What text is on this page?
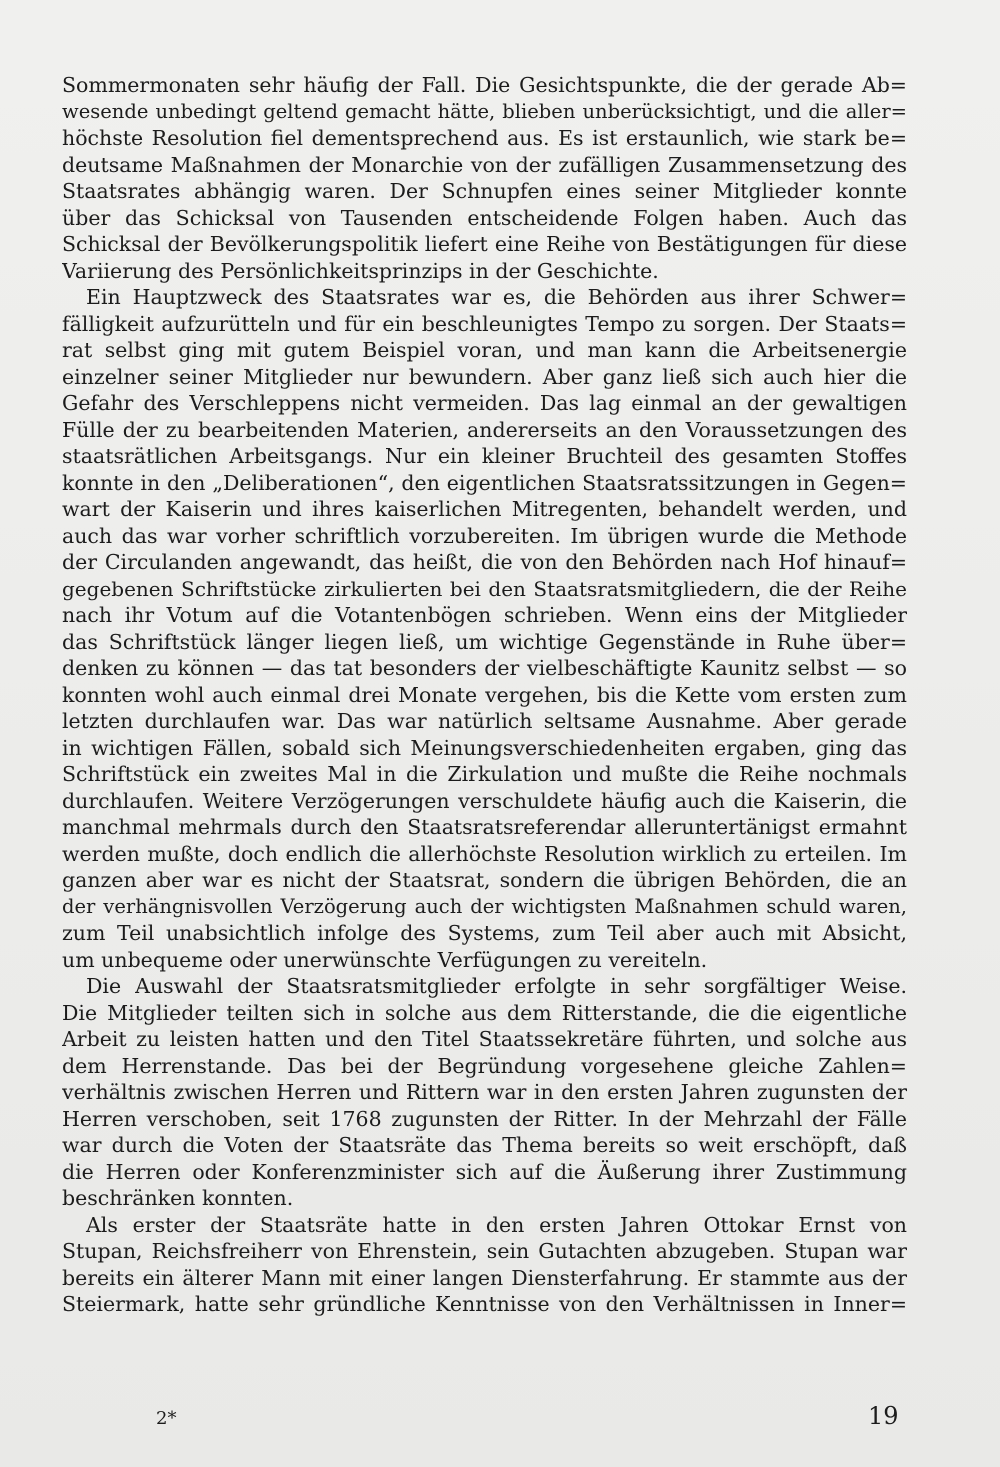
Sommermonaten sehr häufig der Fall. Die Gesichtspunkte, die der gerade Ab=
wesende unbedingt geltend gemacht hätte, blieben unberücksichtigt, und die aller=
höchste Resolution fiel dementsprechend aus. Es ist erstaunlich, wie stark be=
deutsame Maßnahmen der Monarchie von der zufälligen Zusammensetzung des
Staatsrates abhängig waren. Der Schnupfen eines seiner Mitglieder konnte
über das Schicksal von Tausenden entscheidende Folgen haben. Auch das
Schicksal der Bevölkerungspolitik liefert eine Reihe von Bestätigungen für diese
Variierung des Persönlichkeitsprinzips in der Geschichte.

Ein Hauptzweck des Staatsrates war es, die Behörden aus ihrer Schwer=
fälligkeit aufzurütteln und für ein beschleunigtes Tempo zu sorgen. Der Staats=
rat selbst ging mit gutem Beispiel voran, und man kann die Arbeitsenergie
einzelner seiner Mitglieder nur bewundern. Aber ganz ließ sich auch hier die
Gefahr des Verschleppens nicht vermeiden. Das lag einmal an der gewaltigen
Fülle der zu bearbeitenden Materien, andererseits an den Voraussetzungen des
staatsrätlichen Arbeitsgangs. Nur ein kleiner Bruchteil des gesamten Stoffes
konnte in den „Deliberationen“, den eigentlichen Staatsratssitzungen in Gegen=
wart der Kaiserin und ihres kaiserlichen Mitregenten, behandelt werden, und
auch das war vorher schriftlich vorzubereiten. Im übrigen wurde die Methode
der Circulanden angewandt, das heißt, die von den Behörden nach Hof hinauf=
gegebenen Schriftstücke zirkulierten bei den Staatsratsmitgliedern, die der Reihe
nach ihr Votum auf die Votantenbögen schrieben. Wenn eins der Mitglieder
das Schriftstück länger liegen ließ, um wichtige Gegenstände in Ruhe über=
denken zu können — das tat besonders der vielbeschäftigte Kaunitz selbst — so
konnten wohl auch einmal drei Monate vergehen, bis die Kette vom ersten zum
letzten durchlaufen war. Das war natürlich seltsame Ausnahme. Aber gerade
in wichtigen Fällen, sobald sich Meinungsverschiedenheiten ergaben, ging das
Schriftstück ein zweites Mal in die Zirkulation und mußte die Reihe nochmals
durchlaufen. Weitere Verzögerungen verschuldete häufig auch die Kaiserin, die
manchmal mehrmals durch den Staatsratsreferendar alleruntertänigst ermahnt
werden mußte, doch endlich die allerhöchste Resolution wirklich zu erteilen. Im
ganzen aber war es nicht der Staatsrat, sondern die übrigen Behörden, die an
der verhängnisvollen Verzögerung auch der wichtigsten Maßnahmen schuld waren,
zum Teil unabsichtlich infolge des Systems, zum Teil aber auch mit Absicht,
um unbequeme oder unerwünschte Verfügungen zu vereiteln.

Die Auswahl der Staatsratsmitglieder erfolgte in sehr sorgfältiger Weise.
Die Mitglieder teilten sich in solche aus dem Ritterstande, die die eigentliche
Arbeit zu leisten hatten und den Titel Staatssekretäre führten, und solche aus
dem Herrenstande. Das bei der Begründung vorgesehene gleiche Zahlen=
verhältnis zwischen Herren und Rittern war in den ersten Jahren zugunsten der
Herren verschoben, seit 1768 zugunsten der Ritter. In der Mehrzahl der Fälle
war durch die Voten der Staatsräte das Thema bereits so weit erschöpft, daß
die Herren oder Konferenzminister sich auf die Äußerung ihrer Zustimmung
beschränken konnten.

Als erster der Staatsräte hatte in den ersten Jahren Ottokar Ernst von
Stupan, Reichsfreiherr von Ehrenstein, sein Gutachten abzugeben. Stupan war
bereits ein älterer Mann mit einer langen Diensterfahrung. Er stammte aus der
Steiermark, hatte sehr gründliche Kenntnisse von den Verhältnissen in Inner=

2*	19
